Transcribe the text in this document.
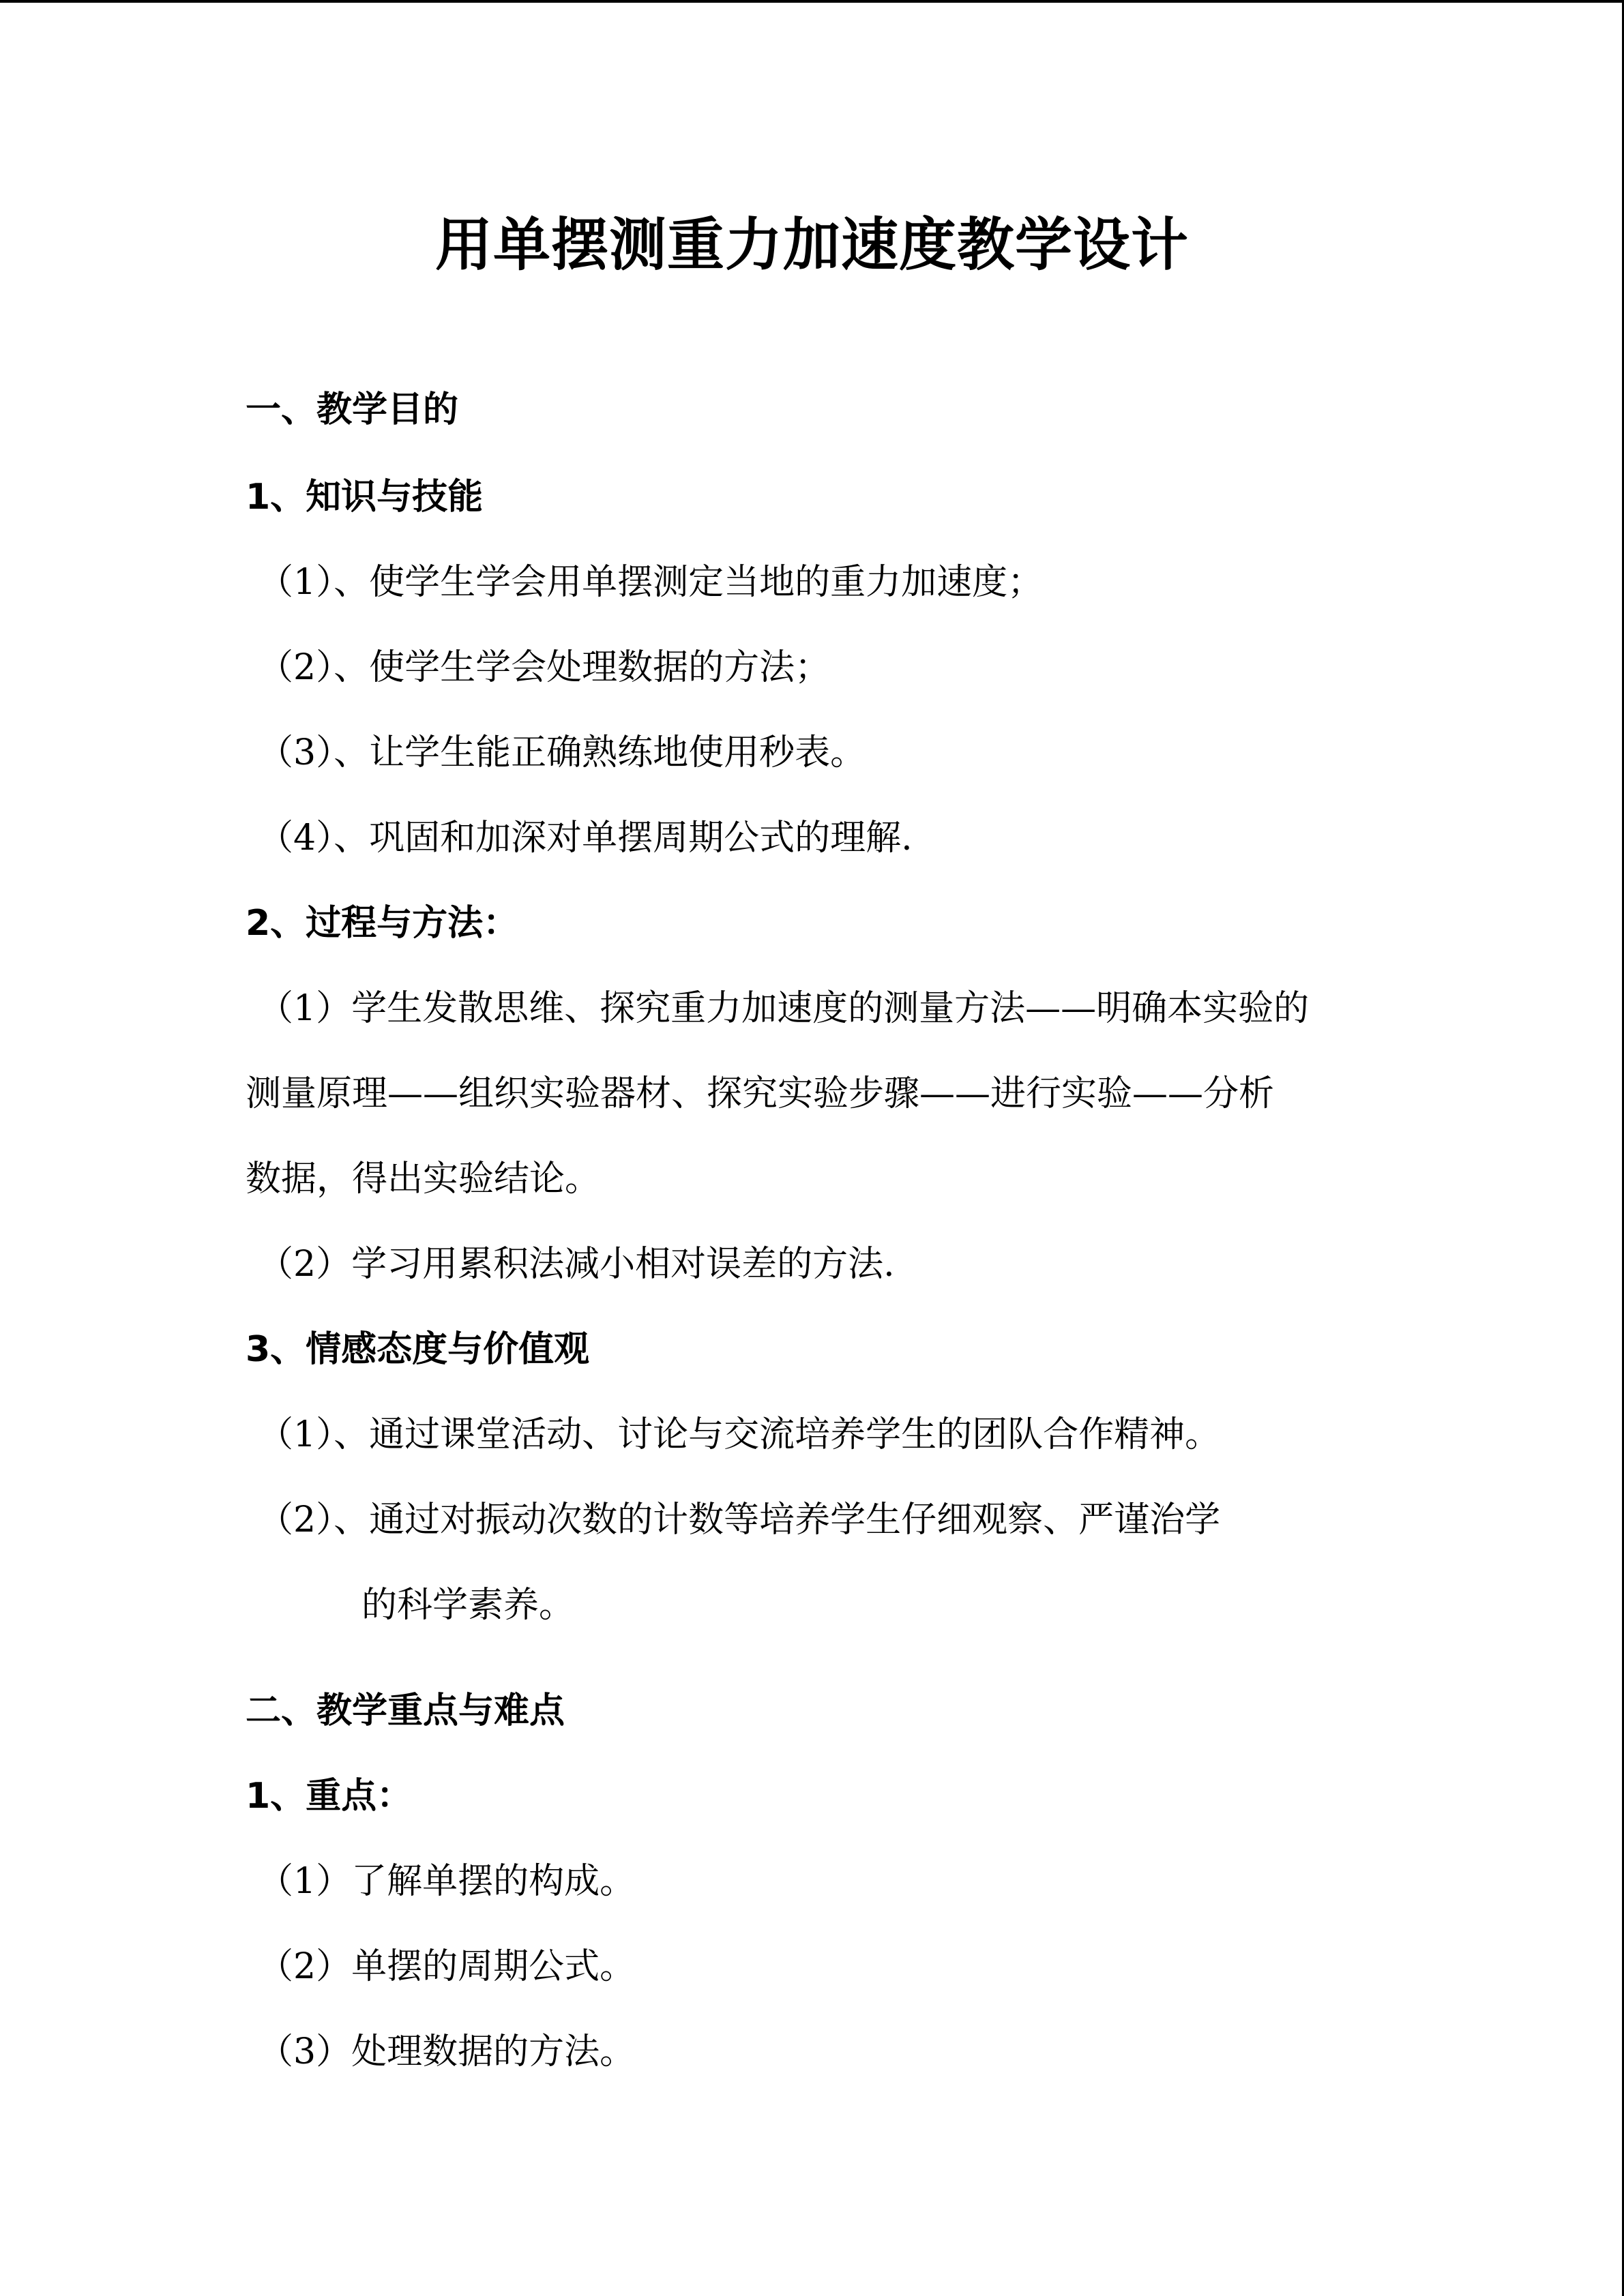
用单摆测重力加速度教学设计
一、教学目的
1、知识与技能
（1）、使学生学会用单摆测定当地的重力加速度；
（2）、使学生学会处理数据的方法；
（3）、让学生能正确熟练地使用秒表。
（4）、巩固和加深对单摆周期公式的理解.
2、过程与方法：
（1）学生发散思维、探究重力加速度的测量方法——明确本实验的
测量原理——组织实验器材、探究实验步骤——进行实验——分析
数据，得出实验结论。
（2）学习用累积法减小相对误差的方法.
3、情感态度与价值观
（1）、通过课堂活动、讨论与交流培养学生的团队合作精神。
（2）、通过对振动次数的计数等培养学生仔细观察、严谨治学
的科学素养。
二、教学重点与难点
1、重点：
（1）了解单摆的构成。
（2）单摆的周期公式。
（3）处理数据的方法。
